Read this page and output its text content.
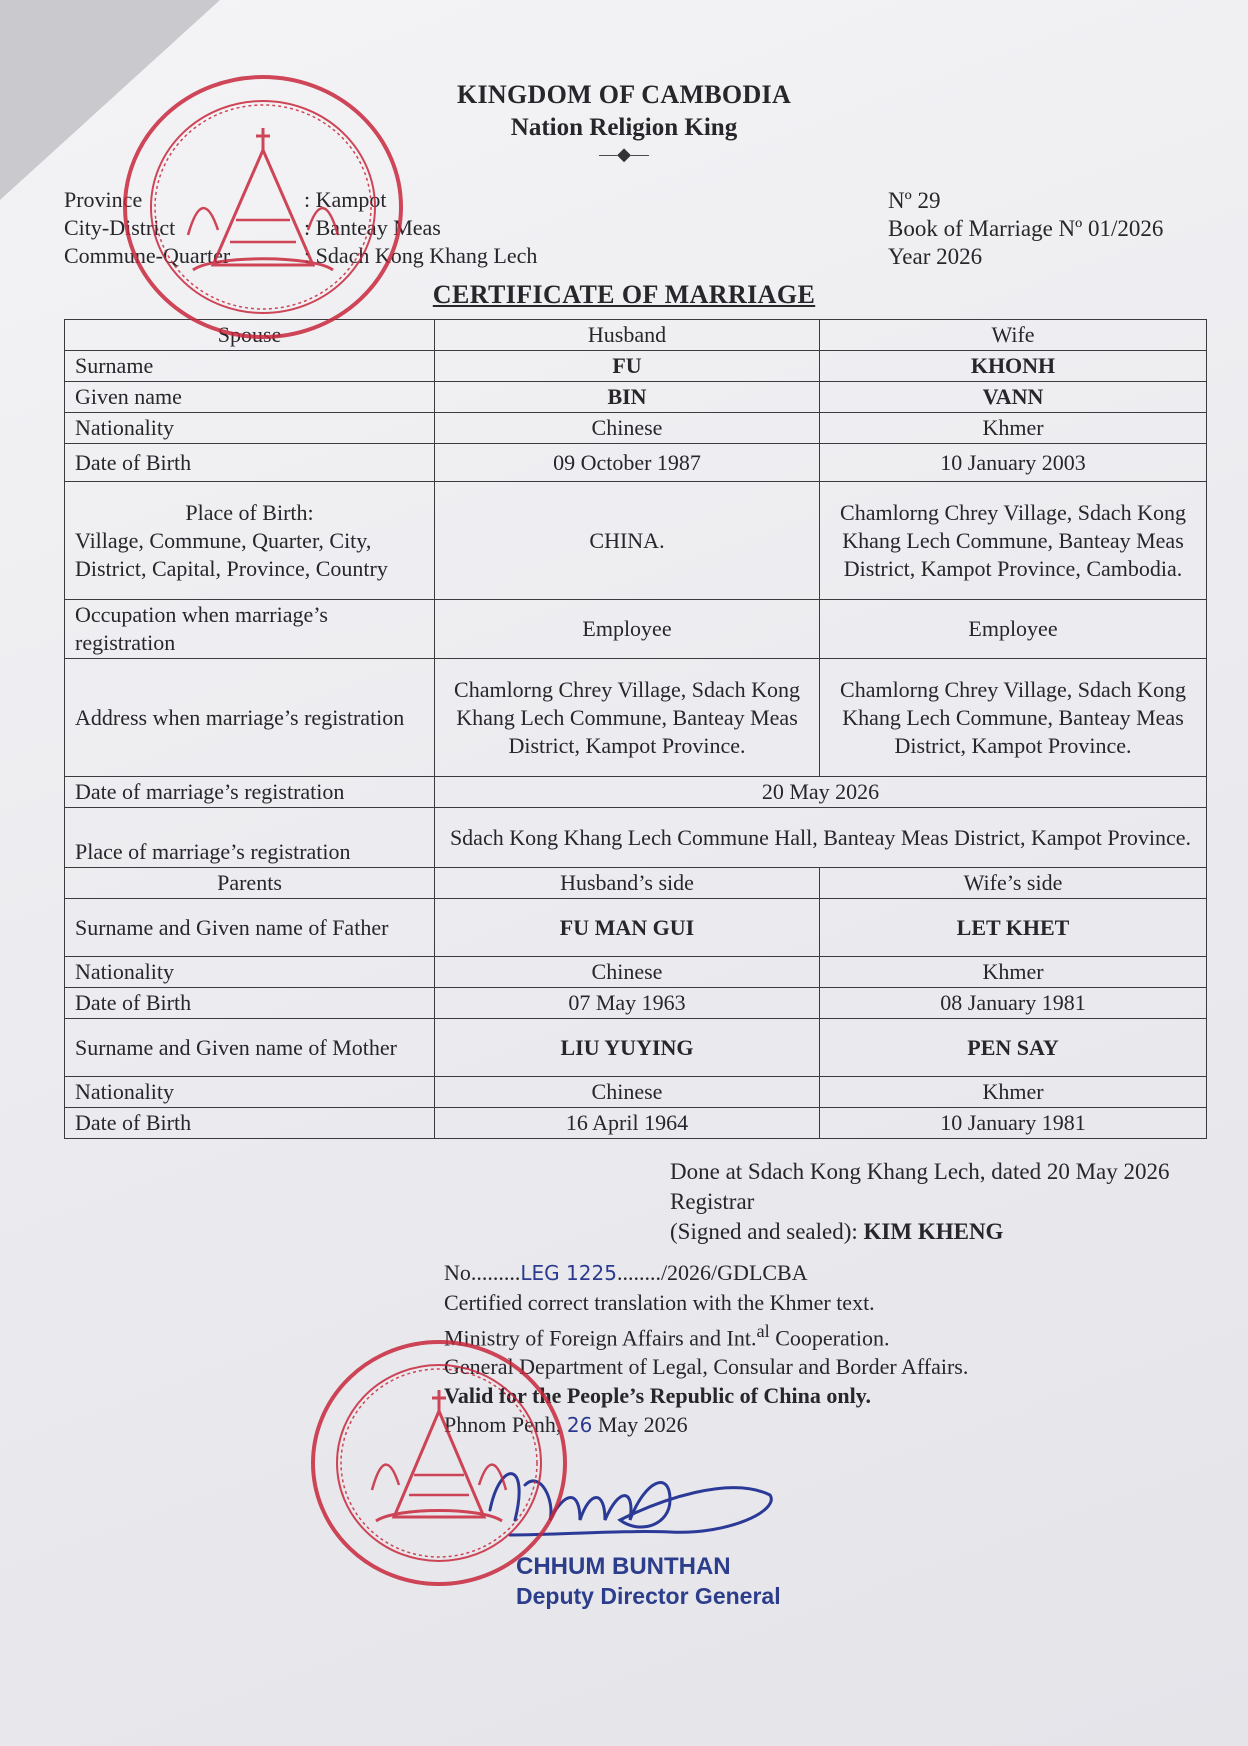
KINGDOM OF CAMBODIA
Nation Religion King
—◆—
Province	: Kampot
City-District	: Banteay Meas
Commune-Quarter	: Sdach Kong Khang Lech
Nº 29
Book of Marriage Nº 01/2026
Year 2026
CERTIFICATE OF MARRIAGE
Spouse	Husband	Wife
Surname	FU	KHONH
Given name	BIN	VANN
Nationality	Chinese	Khmer
Date of Birth	09 October 1987	10 January 2003

Place of Birth:
Village, Commune, Quarter, City, District, Capital, Province, Country	CHINA.	Chamlorng Chrey Village, Sdach Kong Khang Lech Commune, Banteay Meas District, Kampot Province, Cambodia.
Occupation when marriage’s registration	Employee	Employee
Address when marriage’s registration	Chamlorng Chrey Village, Sdach Kong Khang Lech Commune, Banteay Meas District, Kampot Province.	Chamlorng Chrey Village, Sdach Kong Khang Lech Commune, Banteay Meas District, Kampot Province.
Date of marriage’s registration	20 May 2026	
Place of marriage’s registration	Sdach Kong Khang Lech Commune Hall, Banteay Meas District, Kampot Province.	
Parents	Husband’s side	Wife’s side
Surname and Given name of Father	FU MAN GUI	LET KHET
Nationality	Chinese	Khmer
Date of Birth	07 May 1963	08 January 1981
Surname and Given name of Mother	LIU YUYING	PEN SAY
Nationality	Chinese	Khmer
Date of Birth	16 April 1964	10 January 1981
Done at Sdach Kong Khang Lech, dated 20 May 2026
Registrar
(Signed and sealed): KIM KHENG
No.........LEG 1225......../2026/GDLCBA
Certified correct translation with the Khmer text.
Ministry of Foreign Affairs and Int.$^{al}$ Cooperation.
General Department of Legal, Consular and Border Affairs.
Valid for the People’s Republic of China only.
Phnom Penh, 26 May 2026
CHHUM BUNTHAN
Deputy Director General
